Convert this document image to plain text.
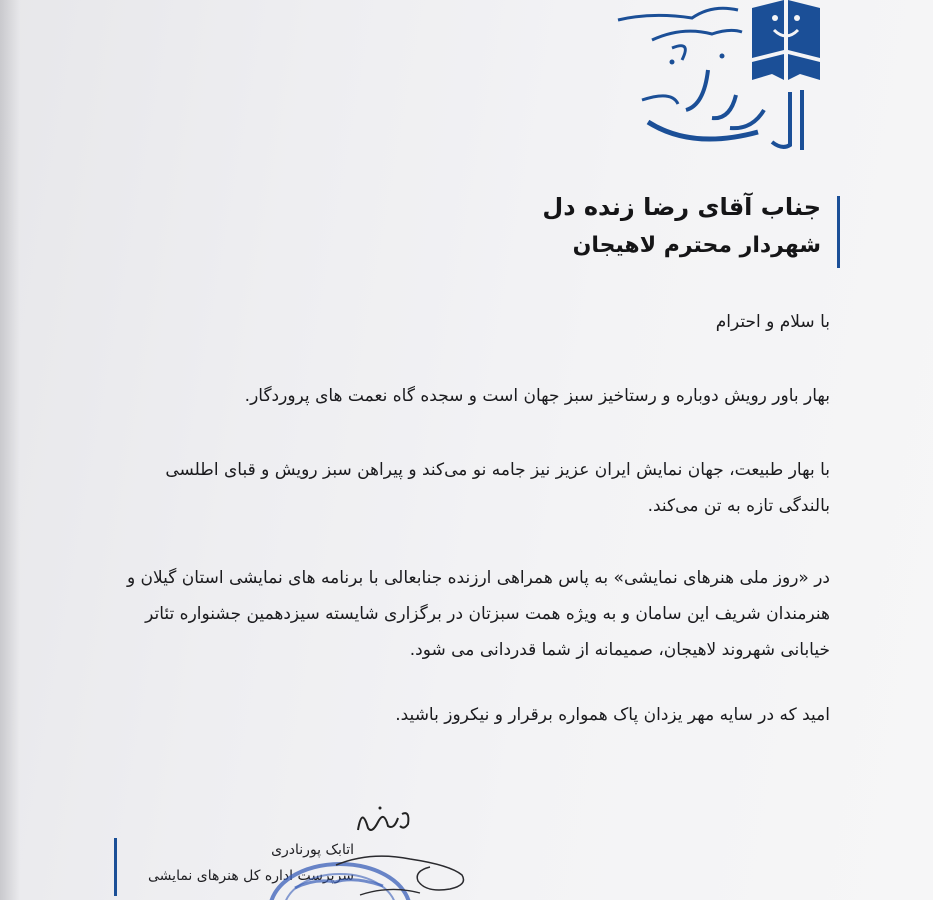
جناب آقای رضا زنده دل
شهردار محترم لاهیجان

با سلام و احترام

بهار باور رویش دوباره و رستاخیز سبز جهان است و سجده گاه نعمت های پروردگار.

با بهار طبیعت، جهان نمایش ایران عزیز نیز جامه نو می‌کند و پیراهن سبز رویش و قبای اطلسی بالندگی تازه به تن می‌کند.

در «روز ملی هنرهای نمایشی» به پاس همراهی ارزنده جنابعالی با برنامه های نمایشی استان گیلان و هنرمندان شریف این سامان و به ویژه همت سبزتان در برگزاری شایسته سیزدهمین جشنواره تئاتر خیابانی شهروند لاهیجان، صمیمانه از شما قدردانی می شود.

امید که در سایه مهر یزدان پاک همواره برقرار و نیکروز باشید.

اتابک پورنادری
سرپرست اداره کل هنرهای نمایشی
